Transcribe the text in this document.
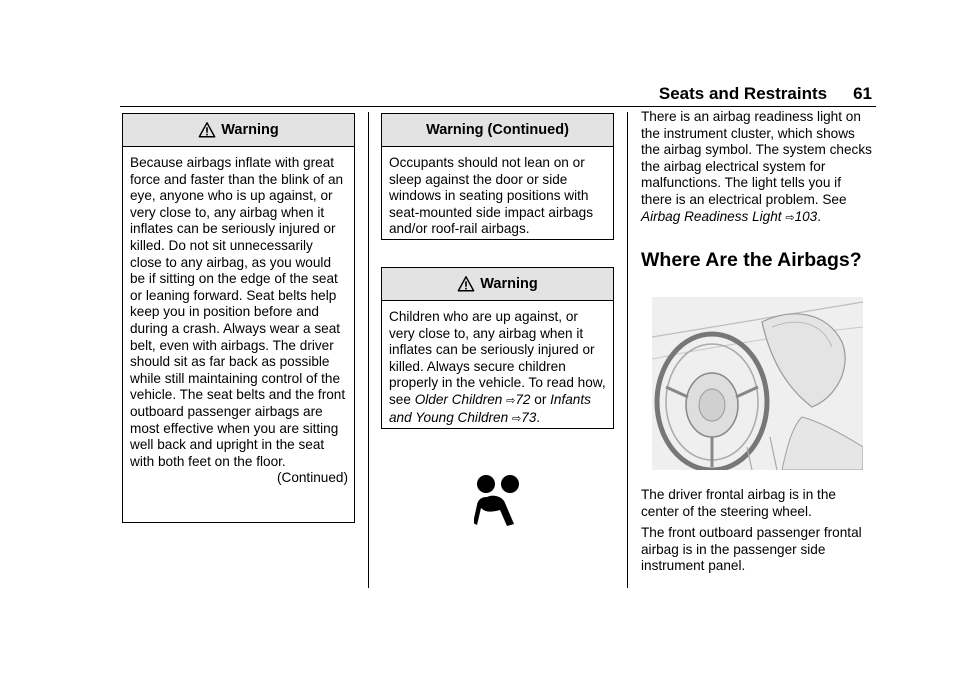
Seats and Restraints 61
Warning

Because airbags inflate with great force and faster than the blink of an eye, anyone who is up against, or very close to, any airbag when it inflates can be seriously injured or killed. Do not sit unnecessarily close to any airbag, as you would be if sitting on the edge of the seat or leaning forward. Seat belts help keep you in position before and during a crash. Always wear a seat belt, even with airbags. The driver should sit as far back as possible while still maintaining control of the vehicle. The seat belts and the front outboard passenger airbags are most effective when you are sitting well back and upright in the seat with both feet on the floor.

(Continued)

Warning (Continued)

Occupants should not lean on or sleep against the door or side windows in seating positions with seat-mounted side impact airbags and/or roof-rail airbags.

Warning

Children who are up against, or very close to, any airbag when it inflates can be seriously injured or killed. Always secure children properly in the vehicle. To read how, see Older Children ⇨72 or Infants and Young Children ⇨73.

There is an airbag readiness light on the instrument cluster, which shows the airbag symbol. The system checks the airbag electrical system for malfunctions. The light tells you if there is an electrical problem. See Airbag Readiness Light ⇨103.

Where Are the Airbags?

The driver frontal airbag is in the center of the steering wheel.

The front outboard passenger frontal airbag is in the passenger side instrument panel.
